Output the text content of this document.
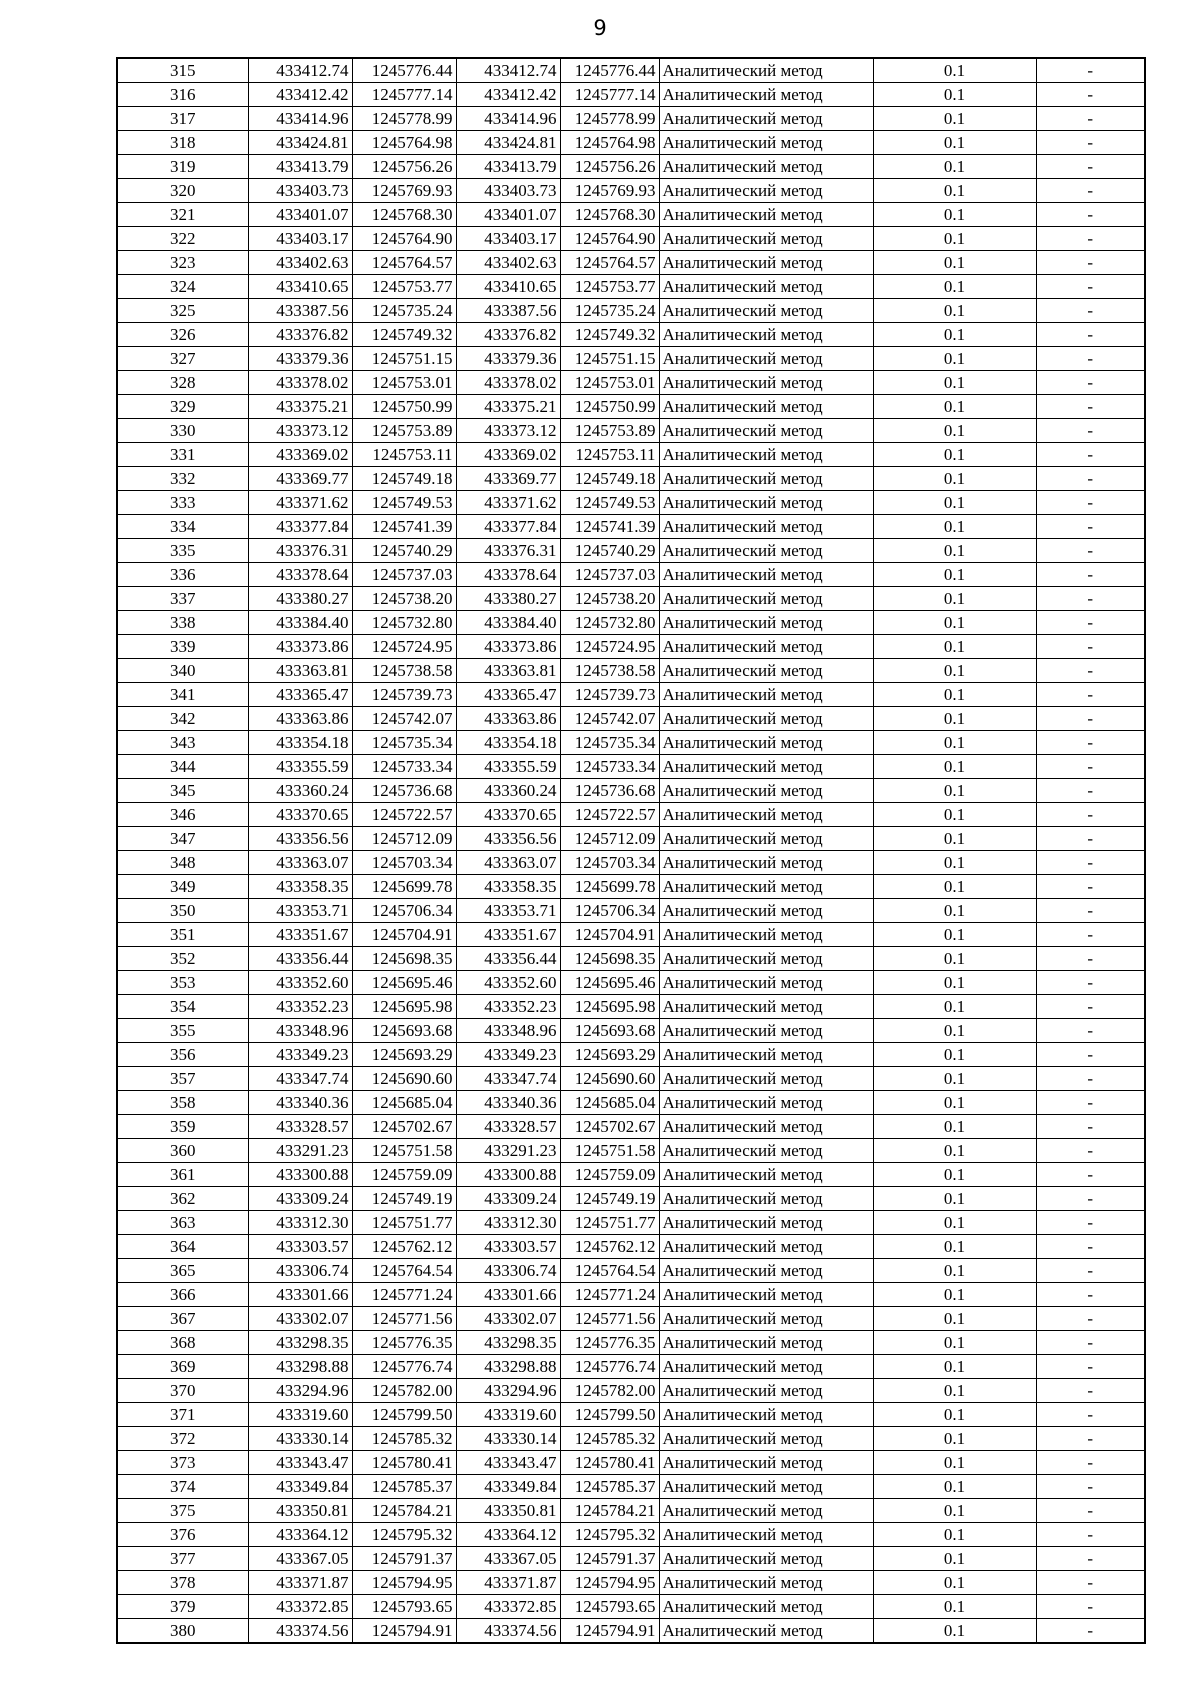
9
315	433412.74	1245776.44	433412.74	1245776.44	Аналитический метод	0.1	-
316	433412.42	1245777.14	433412.42	1245777.14	Аналитический метод	0.1	-
317	433414.96	1245778.99	433414.96	1245778.99	Аналитический метод	0.1	-
318	433424.81	1245764.98	433424.81	1245764.98	Аналитический метод	0.1	-
319	433413.79	1245756.26	433413.79	1245756.26	Аналитический метод	0.1	-
320	433403.73	1245769.93	433403.73	1245769.93	Аналитический метод	0.1	-
321	433401.07	1245768.30	433401.07	1245768.30	Аналитический метод	0.1	-
322	433403.17	1245764.90	433403.17	1245764.90	Аналитический метод	0.1	-
323	433402.63	1245764.57	433402.63	1245764.57	Аналитический метод	0.1	-
324	433410.65	1245753.77	433410.65	1245753.77	Аналитический метод	0.1	-
325	433387.56	1245735.24	433387.56	1245735.24	Аналитический метод	0.1	-
326	433376.82	1245749.32	433376.82	1245749.32	Аналитический метод	0.1	-
327	433379.36	1245751.15	433379.36	1245751.15	Аналитический метод	0.1	-
328	433378.02	1245753.01	433378.02	1245753.01	Аналитический метод	0.1	-
329	433375.21	1245750.99	433375.21	1245750.99	Аналитический метод	0.1	-
330	433373.12	1245753.89	433373.12	1245753.89	Аналитический метод	0.1	-
331	433369.02	1245753.11	433369.02	1245753.11	Аналитический метод	0.1	-
332	433369.77	1245749.18	433369.77	1245749.18	Аналитический метод	0.1	-
333	433371.62	1245749.53	433371.62	1245749.53	Аналитический метод	0.1	-
334	433377.84	1245741.39	433377.84	1245741.39	Аналитический метод	0.1	-
335	433376.31	1245740.29	433376.31	1245740.29	Аналитический метод	0.1	-
336	433378.64	1245737.03	433378.64	1245737.03	Аналитический метод	0.1	-
337	433380.27	1245738.20	433380.27	1245738.20	Аналитический метод	0.1	-
338	433384.40	1245732.80	433384.40	1245732.80	Аналитический метод	0.1	-
339	433373.86	1245724.95	433373.86	1245724.95	Аналитический метод	0.1	-
340	433363.81	1245738.58	433363.81	1245738.58	Аналитический метод	0.1	-
341	433365.47	1245739.73	433365.47	1245739.73	Аналитический метод	0.1	-
342	433363.86	1245742.07	433363.86	1245742.07	Аналитический метод	0.1	-
343	433354.18	1245735.34	433354.18	1245735.34	Аналитический метод	0.1	-
344	433355.59	1245733.34	433355.59	1245733.34	Аналитический метод	0.1	-
345	433360.24	1245736.68	433360.24	1245736.68	Аналитический метод	0.1	-
346	433370.65	1245722.57	433370.65	1245722.57	Аналитический метод	0.1	-
347	433356.56	1245712.09	433356.56	1245712.09	Аналитический метод	0.1	-
348	433363.07	1245703.34	433363.07	1245703.34	Аналитический метод	0.1	-
349	433358.35	1245699.78	433358.35	1245699.78	Аналитический метод	0.1	-
350	433353.71	1245706.34	433353.71	1245706.34	Аналитический метод	0.1	-
351	433351.67	1245704.91	433351.67	1245704.91	Аналитический метод	0.1	-
352	433356.44	1245698.35	433356.44	1245698.35	Аналитический метод	0.1	-
353	433352.60	1245695.46	433352.60	1245695.46	Аналитический метод	0.1	-
354	433352.23	1245695.98	433352.23	1245695.98	Аналитический метод	0.1	-
355	433348.96	1245693.68	433348.96	1245693.68	Аналитический метод	0.1	-
356	433349.23	1245693.29	433349.23	1245693.29	Аналитический метод	0.1	-
357	433347.74	1245690.60	433347.74	1245690.60	Аналитический метод	0.1	-
358	433340.36	1245685.04	433340.36	1245685.04	Аналитический метод	0.1	-
359	433328.57	1245702.67	433328.57	1245702.67	Аналитический метод	0.1	-
360	433291.23	1245751.58	433291.23	1245751.58	Аналитический метод	0.1	-
361	433300.88	1245759.09	433300.88	1245759.09	Аналитический метод	0.1	-
362	433309.24	1245749.19	433309.24	1245749.19	Аналитический метод	0.1	-
363	433312.30	1245751.77	433312.30	1245751.77	Аналитический метод	0.1	-
364	433303.57	1245762.12	433303.57	1245762.12	Аналитический метод	0.1	-
365	433306.74	1245764.54	433306.74	1245764.54	Аналитический метод	0.1	-
366	433301.66	1245771.24	433301.66	1245771.24	Аналитический метод	0.1	-
367	433302.07	1245771.56	433302.07	1245771.56	Аналитический метод	0.1	-
368	433298.35	1245776.35	433298.35	1245776.35	Аналитический метод	0.1	-
369	433298.88	1245776.74	433298.88	1245776.74	Аналитический метод	0.1	-
370	433294.96	1245782.00	433294.96	1245782.00	Аналитический метод	0.1	-
371	433319.60	1245799.50	433319.60	1245799.50	Аналитический метод	0.1	-
372	433330.14	1245785.32	433330.14	1245785.32	Аналитический метод	0.1	-
373	433343.47	1245780.41	433343.47	1245780.41	Аналитический метод	0.1	-
374	433349.84	1245785.37	433349.84	1245785.37	Аналитический метод	0.1	-
375	433350.81	1245784.21	433350.81	1245784.21	Аналитический метод	0.1	-
376	433364.12	1245795.32	433364.12	1245795.32	Аналитический метод	0.1	-
377	433367.05	1245791.37	433367.05	1245791.37	Аналитический метод	0.1	-
378	433371.87	1245794.95	433371.87	1245794.95	Аналитический метод	0.1	-
379	433372.85	1245793.65	433372.85	1245793.65	Аналитический метод	0.1	-
380	433374.56	1245794.91	433374.56	1245794.91	Аналитический метод	0.1	-
